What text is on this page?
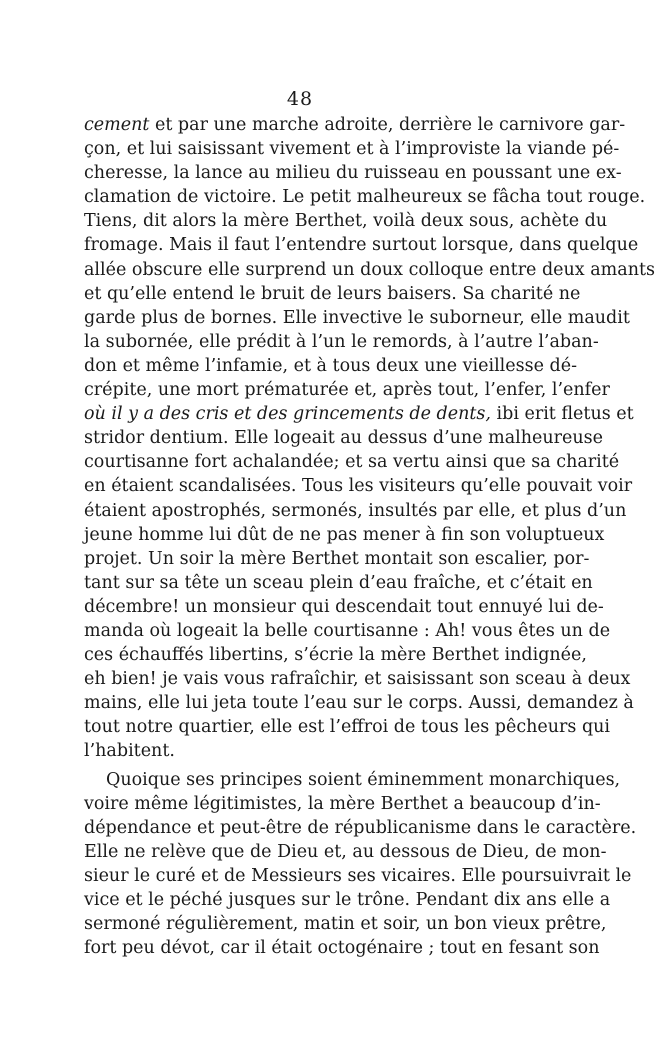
48
cement et par une marche adroite, derrière le carnivore gar-
çon, et lui saisissant vivement et à l’improviste la viande pé-
cheresse, la lance au milieu du ruisseau en poussant une ex-
clamation de victoire. Le petit malheureux se fâcha tout rouge.
Tiens, dit alors la mère Berthet, voilà deux sous, achète du
fromage. Mais il faut l’entendre surtout lorsque, dans quelque
allée obscure elle surprend un doux colloque entre deux amants
et qu’elle entend le bruit de leurs baisers. Sa charité ne
garde plus de bornes. Elle invective le suborneur, elle maudit
la subornée, elle prédit à l’un le remords, à l’autre l’aban-
don et même l’infamie, et à tous deux une vieillesse dé-
crépite, une mort prématurée et, après tout, l’enfer, l’enfer
où il y a des cris et des grincements de dents, ibi erit fletus et
stridor dentium. Elle logeait au dessus d’une malheureuse
courtisanne fort achalandée; et sa vertu ainsi que sa charité
en étaient scandalisées. Tous les visiteurs qu’elle pouvait voir
étaient apostrophés, sermonés, insultés par elle, et plus d’un
jeune homme lui dût de ne pas mener à fin son voluptueux
projet. Un soir la mère Berthet montait son escalier, por-
tant sur sa tête un sceau plein d’eau fraîche, et c’était en
décembre! un monsieur qui descendait tout ennuyé lui de-
manda où logeait la belle courtisanne : Ah! vous êtes un de
ces échauffés libertins, s’écrie la mère Berthet indignée,
eh bien! je vais vous rafraîchir, et saisissant son sceau à deux
mains, elle lui jeta toute l’eau sur le corps. Aussi, demandez à
tout notre quartier, elle est l’effroi de tous les pêcheurs qui
l’habitent.
Quoique ses principes soient éminemment monarchiques,
voire même légitimistes, la mère Berthet a beaucoup d’in-
dépendance et peut-être de républicanisme dans le caractère.
Elle ne relève que de Dieu et, au dessous de Dieu, de mon-
sieur le curé et de Messieurs ses vicaires. Elle poursuivrait le
vice et le péché jusques sur le trône. Pendant dix ans elle a
sermoné régulièrement, matin et soir, un bon vieux prêtre,
fort peu dévot, car il était octogénaire ; tout en fesant son
